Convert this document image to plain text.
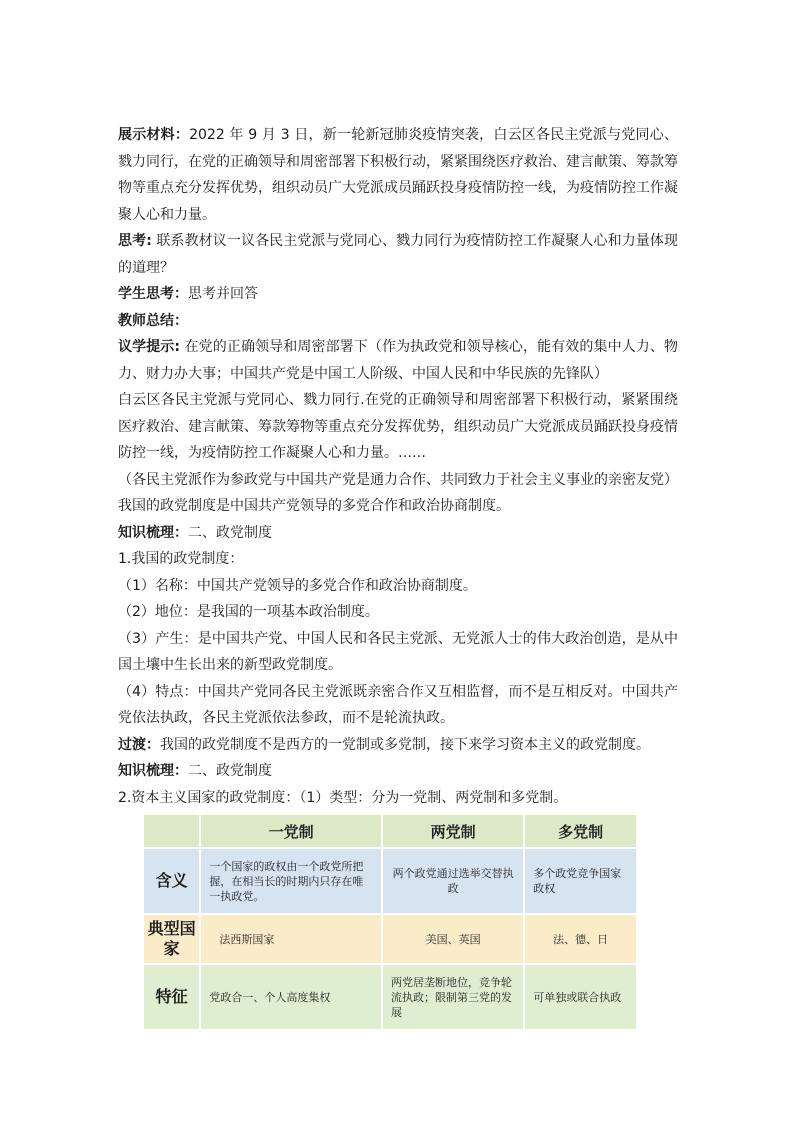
展示材料：2022 年 9 月 3 日，新一轮新冠肺炎疫情突袭，白云区各民主党派与党同心、戮力同行，在党的正确领导和周密部署下积极行动，紧紧围绕医疗救治、建言献策、筹款筹物等重点充分发挥优势，组织动员广大党派成员踊跃投身疫情防控一线，为疫情防控工作凝聚人心和力量。

思考: 联系教材议一议各民主党派与党同心、戮力同行为疫情防控工作凝聚人心和力量体现的道理？

学生思考：思考并回答

教师总结：

议学提示: 在党的正确领导和周密部署下（作为执政党和领导核心，能有效的集中人力、物力、财力办大事；中国共产党是中国工人阶级、中国人民和中华民族的先锋队）

白云区各民主党派与党同心、戮力同行.在党的正确领导和周密部署下积极行动，紧紧围绕医疗救治、建言献策、筹款筹物等重点充分发挥优势，组织动员广大党派成员踊跃投身疫情防控一线，为疫情防控工作凝聚人心和力量。……

（各民主党派作为参政党与中国共产党是通力合作、共同致力于社会主义事业的亲密友党）

我国的政党制度是中国共产党领导的多党合作和政治协商制度。

知识梳理：二、政党制度

1.我国的政党制度：

（1）名称：中国共产党领导的多党合作和政治协商制度。

（2）地位：是我国的一项基本政治制度。

（3）产生：是中国共产党、中国人民和各民主党派、无党派人士的伟大政治创造，是从中国土壤中生长出来的新型政党制度。

（4）特点：中国共产党同各民主党派既亲密合作又互相监督，而不是互相反对。中国共产党依法执政，各民主党派依法参政，而不是轮流执政。

过渡：我国的政党制度不是西方的一党制或多党制，接下来学习资本主义的政党制度。

知识梳理：二、政党制度

2.资本主义国家的政党制度：（1）类型：分为一党制、两党制和多党制。

	一党制	两党制	多党制
含义	一个国家的政权由一个政党所把握，在相当长的时期内只存在唯一执政党。	两个政党通过选举交替执政	多个政党竞争国家政权
典型国家	法西斯国家	美国、英国	法、德、日
特征	党政合一、个人高度集权	两党居垄断地位，竞争轮流执政；限制第三党的发展	可单独或联合执政
